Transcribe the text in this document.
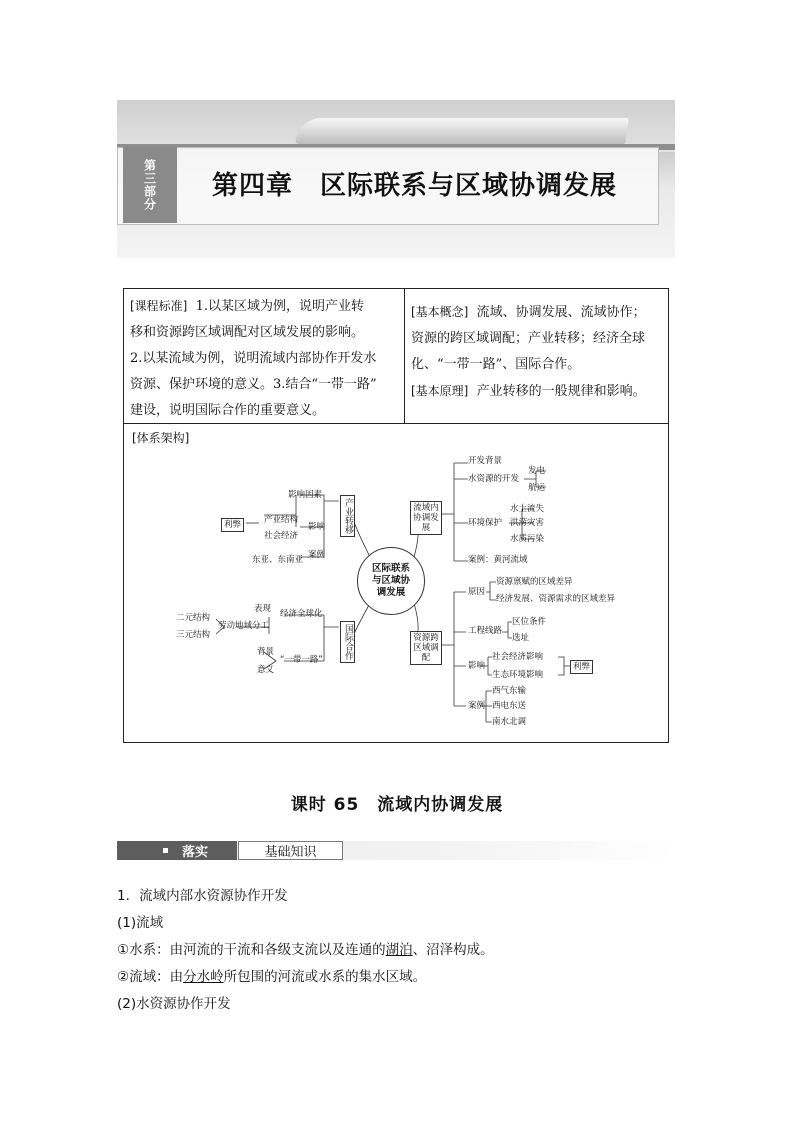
第三部分	第四章　区际联系与区域协调发展
[课程标准] 1.以某区域为例，说明产业转
移和资源跨区域调配对区域发展的影响。
2.以某流域为例，说明流域内部协作开发水
资源、保护环境的意义。3.结合“一带一路”
建设，说明国际合作的重要意义。
[基本概念] 流域、协调发展、流域协作；
资源的跨区域调配；产业转移；经济全球
化、“一带一路”、国际合作。
[基本原理] 产业转移的一般规律和影响。
[体系架构]
区际联系与区域协调发展
产业转移
国际合作
流域内协调发展
资源跨区域调配
影响因素
影响
产业结构
社会经济
利弊
案例
东亚、东南亚
经济全球化
表现
劳动地域分工
二元结构
三元结构
背景
意义
“一带一路”
开发背景
水资源的开发
发电
航运
环境保护
水土流失
洪涝灾害
水质污染
案例：黄河流域
原因
资源禀赋的区域差异
经济发展、资源需求的区域差异
工程线路
区位条件
选址
影响
社会经济影响
生态环境影响
利弊
案例
西气东输
西电东送
南水北调
课时 65　流域内协调发展
落实	基础知识
1．流域内部水资源协作开发
(1)流域
①水系：由河流的干流和各级支流以及连通的湖泊、沼泽构成。
②流域：由分水岭所包围的河流或水系的集水区域。
(2)水资源协作开发
